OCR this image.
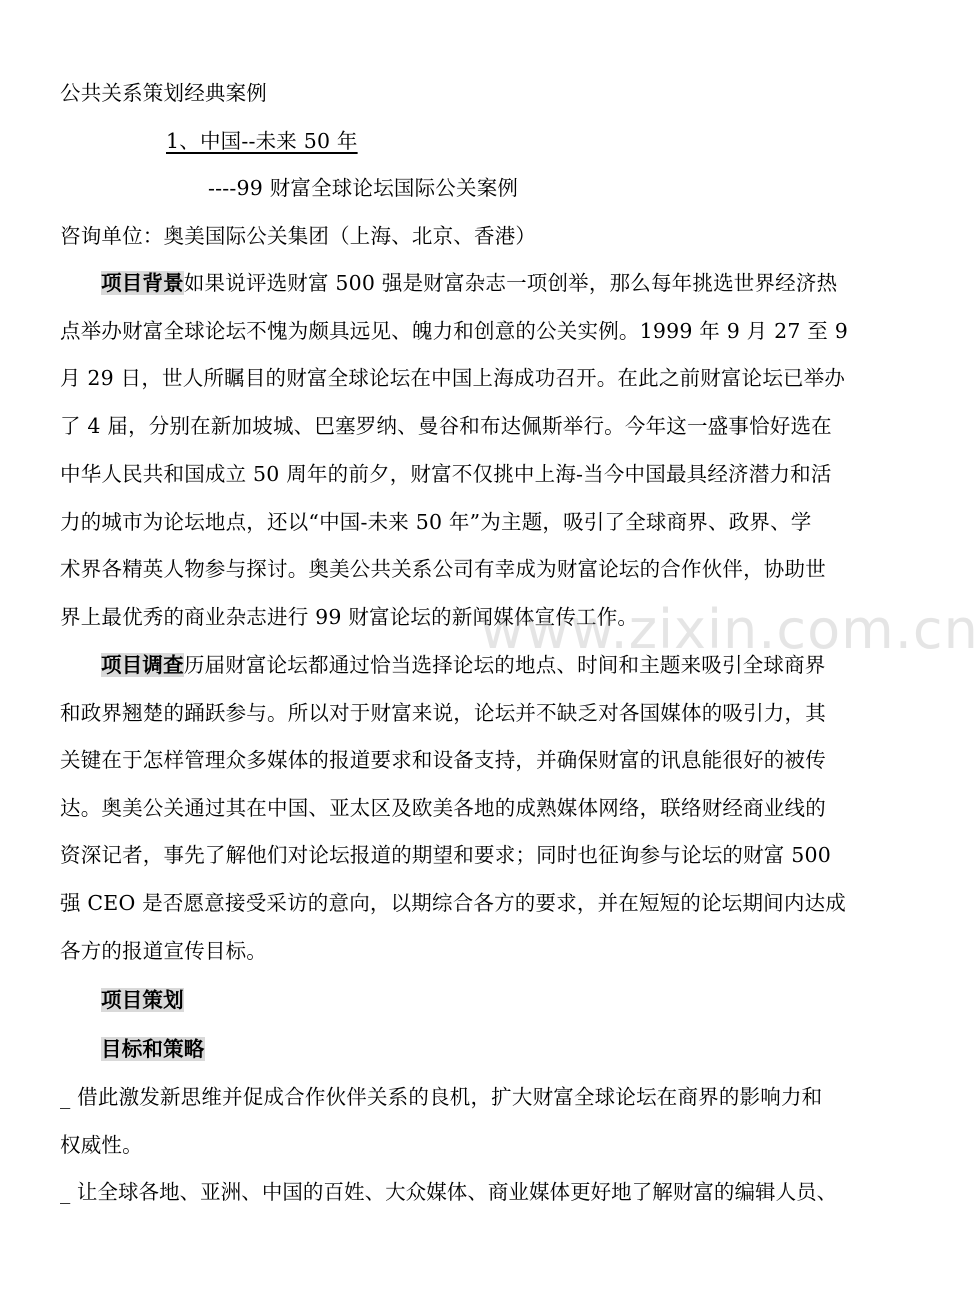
公共关系策划经典案例
1、中国--未来 50 年
----99 财富全球论坛国际公关案例
咨询单位：奥美国际公关集团（上海、北京、香港）
项目背景如果说评选财富 500 强是财富杂志一项创举，那么每年挑选世界经济热
点举办财富全球论坛不愧为颇具远见、魄力和创意的公关实例。1999 年 9 月 27 至 9
月 29 日，世人所瞩目的财富全球论坛在中国上海成功召开。在此之前财富论坛已举办
了 4 届，分别在新加坡城、巴塞罗纳、曼谷和布达佩斯举行。今年这一盛事恰好选在
中华人民共和国成立 50 周年的前夕，财富不仅挑中上海-当今中国最具经济潜力和活
力的城市为论坛地点，还以“中国-未来 50 年”为主题，吸引了全球商界、政界、学
术界各精英人物参与探讨。奥美公共关系公司有幸成为财富论坛的合作伙伴，协助世
界上最优秀的商业杂志进行 99 财富论坛的新闻媒体宣传工作。
项目调查历届财富论坛都通过恰当选择论坛的地点、时间和主题来吸引全球商界
和政界翘楚的踊跃参与。所以对于财富来说，论坛并不缺乏对各国媒体的吸引力，其
关键在于怎样管理众多媒体的报道要求和设备支持，并确保财富的讯息能很好的被传
达。奥美公关通过其在中国、亚太区及欧美各地的成熟媒体网络，联络财经商业线的
资深记者，事先了解他们对论坛报道的期望和要求；同时也征询参与论坛的财富 500
强 CEO 是否愿意接受采访的意向，以期综合各方的要求，并在短短的论坛期间内达成
各方的报道宣传目标。
项目策划
目标和策略
_ 借此激发新思维并促成合作伙伴关系的良机，扩大财富全球论坛在商界的影响力和
权威性。
_ 让全球各地、亚洲、中国的百姓、大众媒体、商业媒体更好地了解财富的编辑人员、
www.zixin.com.cn
